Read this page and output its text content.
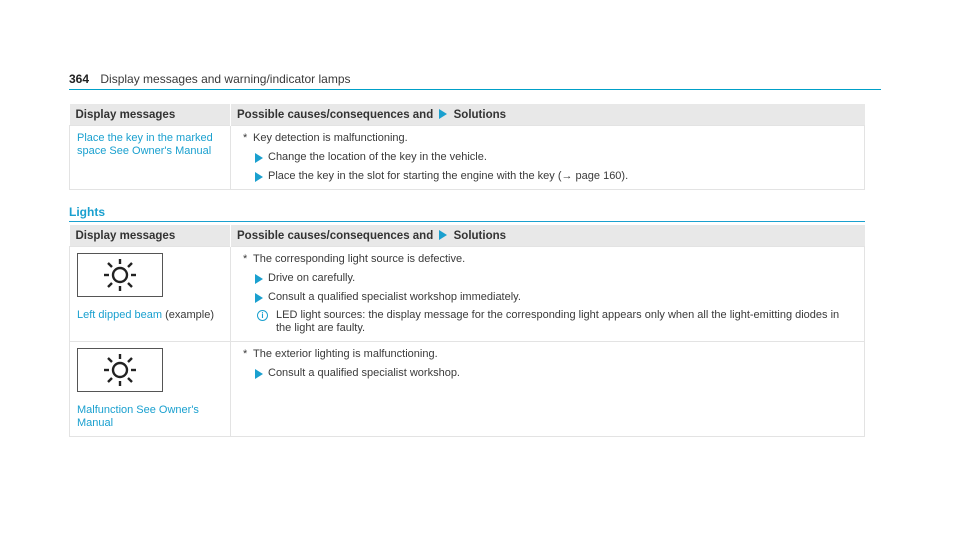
364 Display messages and warning/indicator lamps
Display messages	Possible causes/consequences and Solutions

Place the key in the marked space See Owner's Manual	* Key detection is malfunctioning.
Change the location of the key in the vehicle.
Place the key in the slot for starting the engine with the key (→ page 160).
Lights
Display messages	Possible causes/consequences and Solutions

Left dipped beam (example)	* The corresponding light source is defective.
Drive on carefully.
Consult a qualified specialist workshop immediately.
i LED light sources: the display message for the corresponding light appears only when all the light-emitting diodes in the light are faulty.

Malfunction See Owner's Manual	* The exterior lighting is malfunctioning.
Consult a qualified specialist workshop.
